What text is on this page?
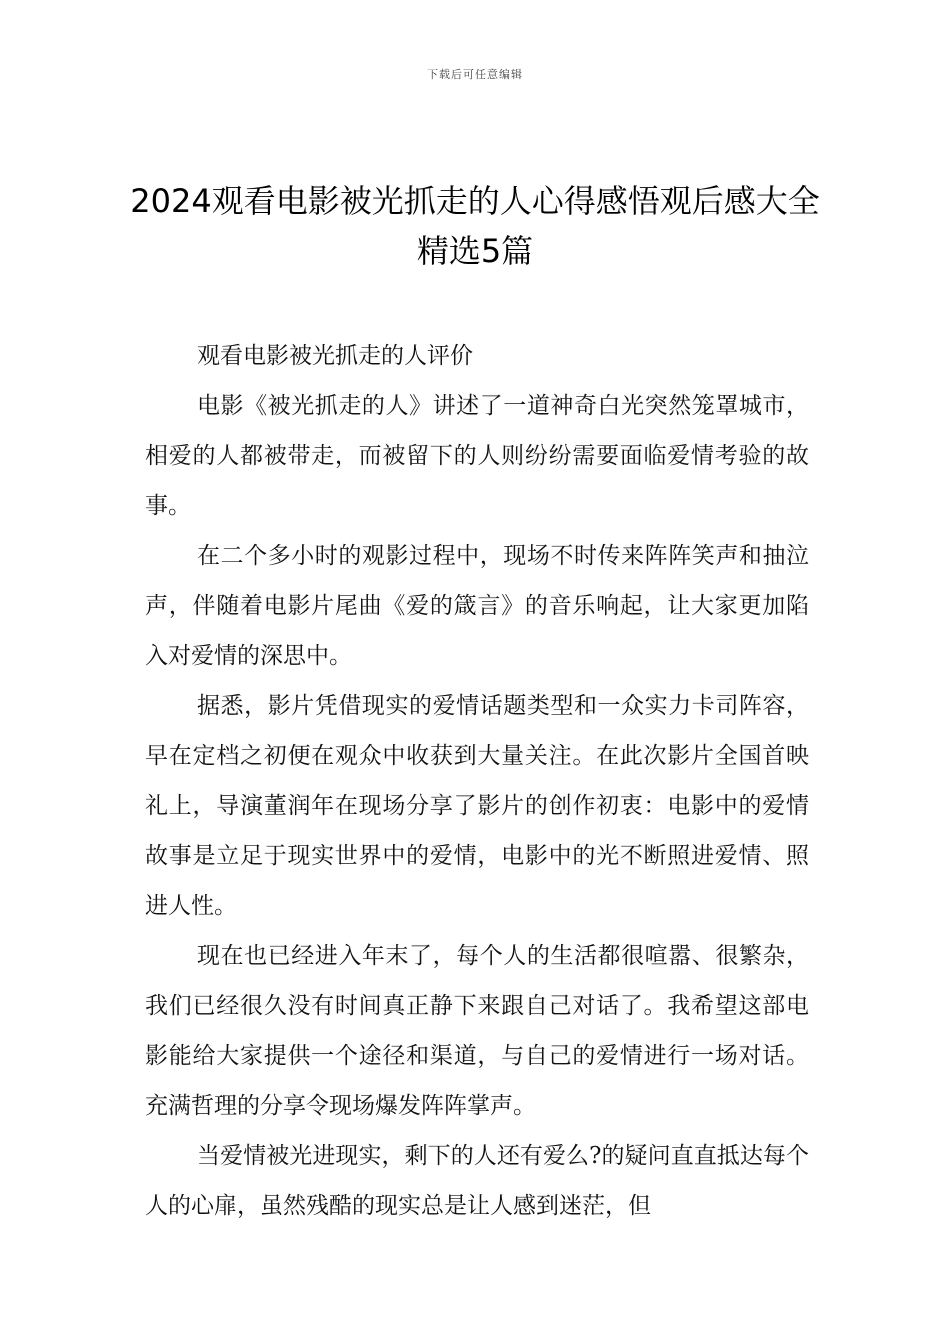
下载后可任意编辑
2024观看电影被光抓走的人心得感悟观后感大全精选5篇

观看电影被光抓走的人评价

电影《被光抓走的人》讲述了一道神奇白光突然笼罩城市，相爱的人都被带走，而被留下的人则纷纷需要面临爱情考验的故事。

在二个多小时的观影过程中，现场不时传来阵阵笑声和抽泣声，伴随着电影片尾曲《爱的箴言》的音乐响起，让大家更加陷入对爱情的深思中。

据悉，影片凭借现实的爱情话题类型和一众实力卡司阵容，早在定档之初便在观众中收获到大量关注。在此次影片全国首映礼上，导演董润年在现场分享了影片的创作初衷：电影中的爱情故事是立足于现实世界中的爱情，电影中的光不断照进爱情、照进人性。

现在也已经进入年末了，每个人的生活都很喧嚣、很繁杂，我们已经很久没有时间真正静下来跟自己对话了。我希望这部电影能给大家提供一个途径和渠道，与自己的爱情进行一场对话。充满哲理的分享令现场爆发阵阵掌声。

当爱情被光进现实，剩下的人还有爱么?的疑问直直抵达每个人的心扉，虽然残酷的现实总是让人感到迷茫，但
